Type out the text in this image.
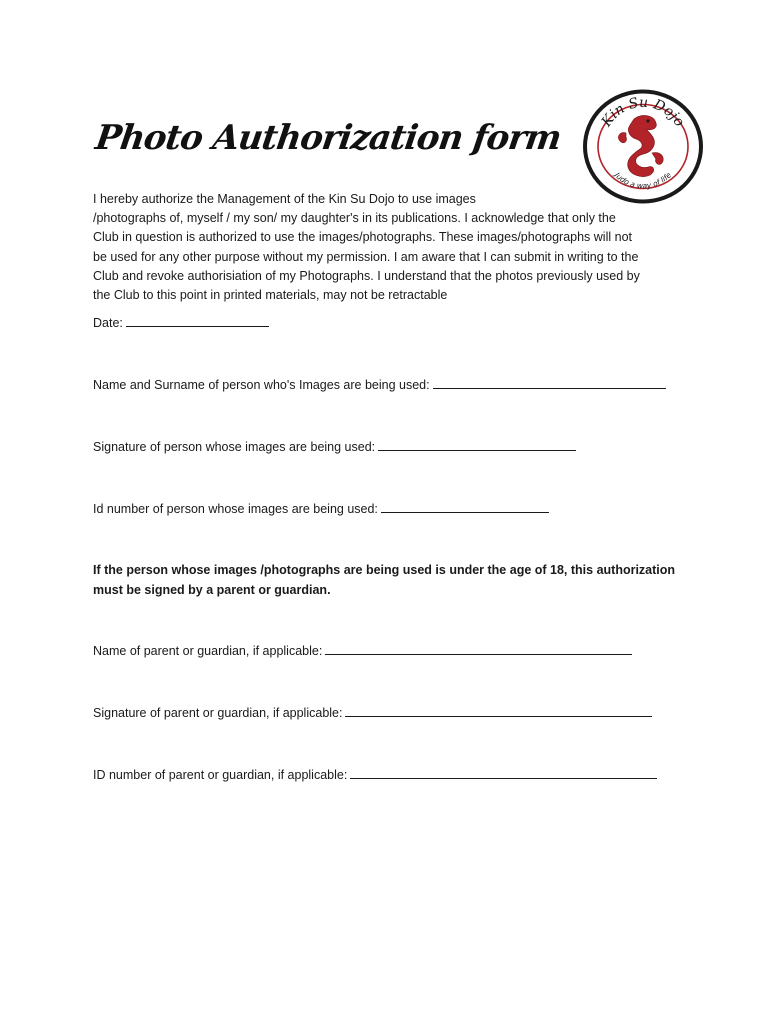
Photo Authorization form	Kin Su Dojo
Judo a way of life

I hereby authorize the Management of the Kin Su Dojo to use images

/photographs of, myself / my son/ my daughter's in its publications. I acknowledge that only the

Club in question is authorized to use the images/photographs. These images/photographs will not

be used for any other purpose without my permission. I am aware that I can submit in writing to the

Club and revoke authorisiation of my Photographs. I understand that the photos previously used by

the Club to this point in printed materials, may not be retractable

Date:
Name and Surname of person who's Images are being used:
Signature of person whose images are being used:
Id number of person whose images are being used:
If the person whose images /photographs are being used is under the age of 18, this authorization
must be signed by a parent or guardian.
Name of parent or guardian, if applicable:
Signature of parent or guardian, if applicable:
ID number of parent or guardian, if applicable:
